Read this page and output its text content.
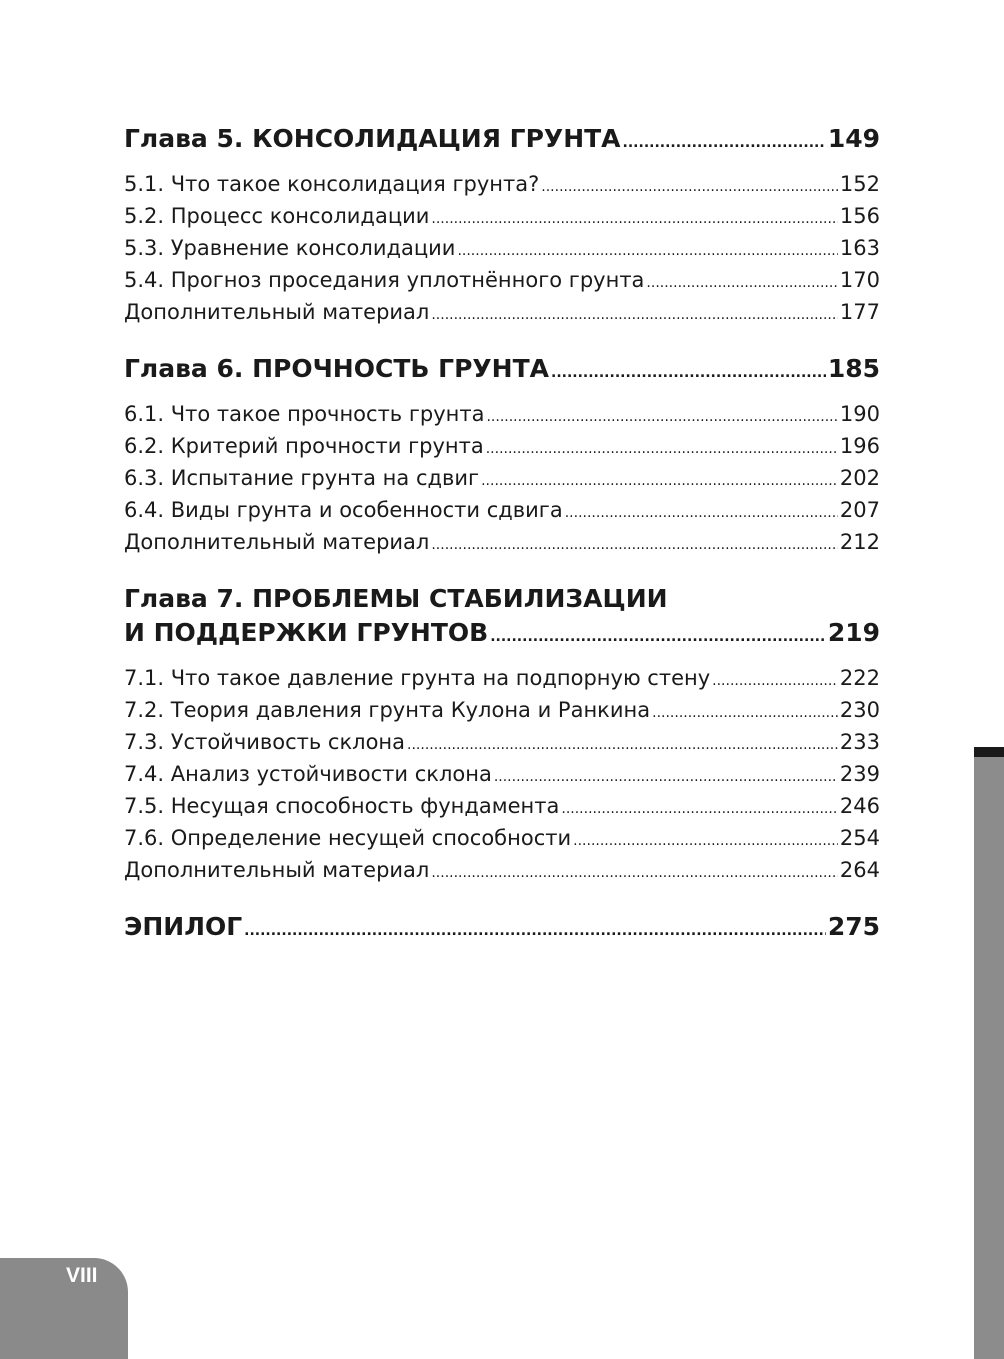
Глава 5. КОНСОЛИДАЦИЯ ГРУНТА .....	149
5.1. Что такое консолидация грунта? .....	152
5.2. Процесс консолидации .....	156
5.3. Уравнение консолидации .....	163
5.4. Прогноз проседания уплотнённого грунта .....	170
Дополнительный материал .....	177
Глава 6. ПРОЧНОСТЬ ГРУНТА .....	185
6.1. Что такое прочность грунта .....	190
6.2. Критерий прочности грунта .....	196
6.3. Испытание грунта на сдвиг .....	202
6.4. Виды грунта и особенности сдвига .....	207
Дополнительный материал .....	212
Глава 7. ПРОБЛЕМЫ СТАБИЛИЗАЦИИ
И ПОДДЕРЖКИ ГРУНТОВ .....	219
7.1. Что такое давление грунта на подпорную стену .....	222
7.2. Теория давления грунта Кулона и Ранкина .....	230
7.3. Устойчивость склона .....	233
7.4. Анализ устойчивости склона .....	239
7.5. Несущая способность фундамента .....	246
7.6. Определение несущей способности .....	254
Дополнительный материал .....	264
ЭПИЛОГ .....	275
VIII
